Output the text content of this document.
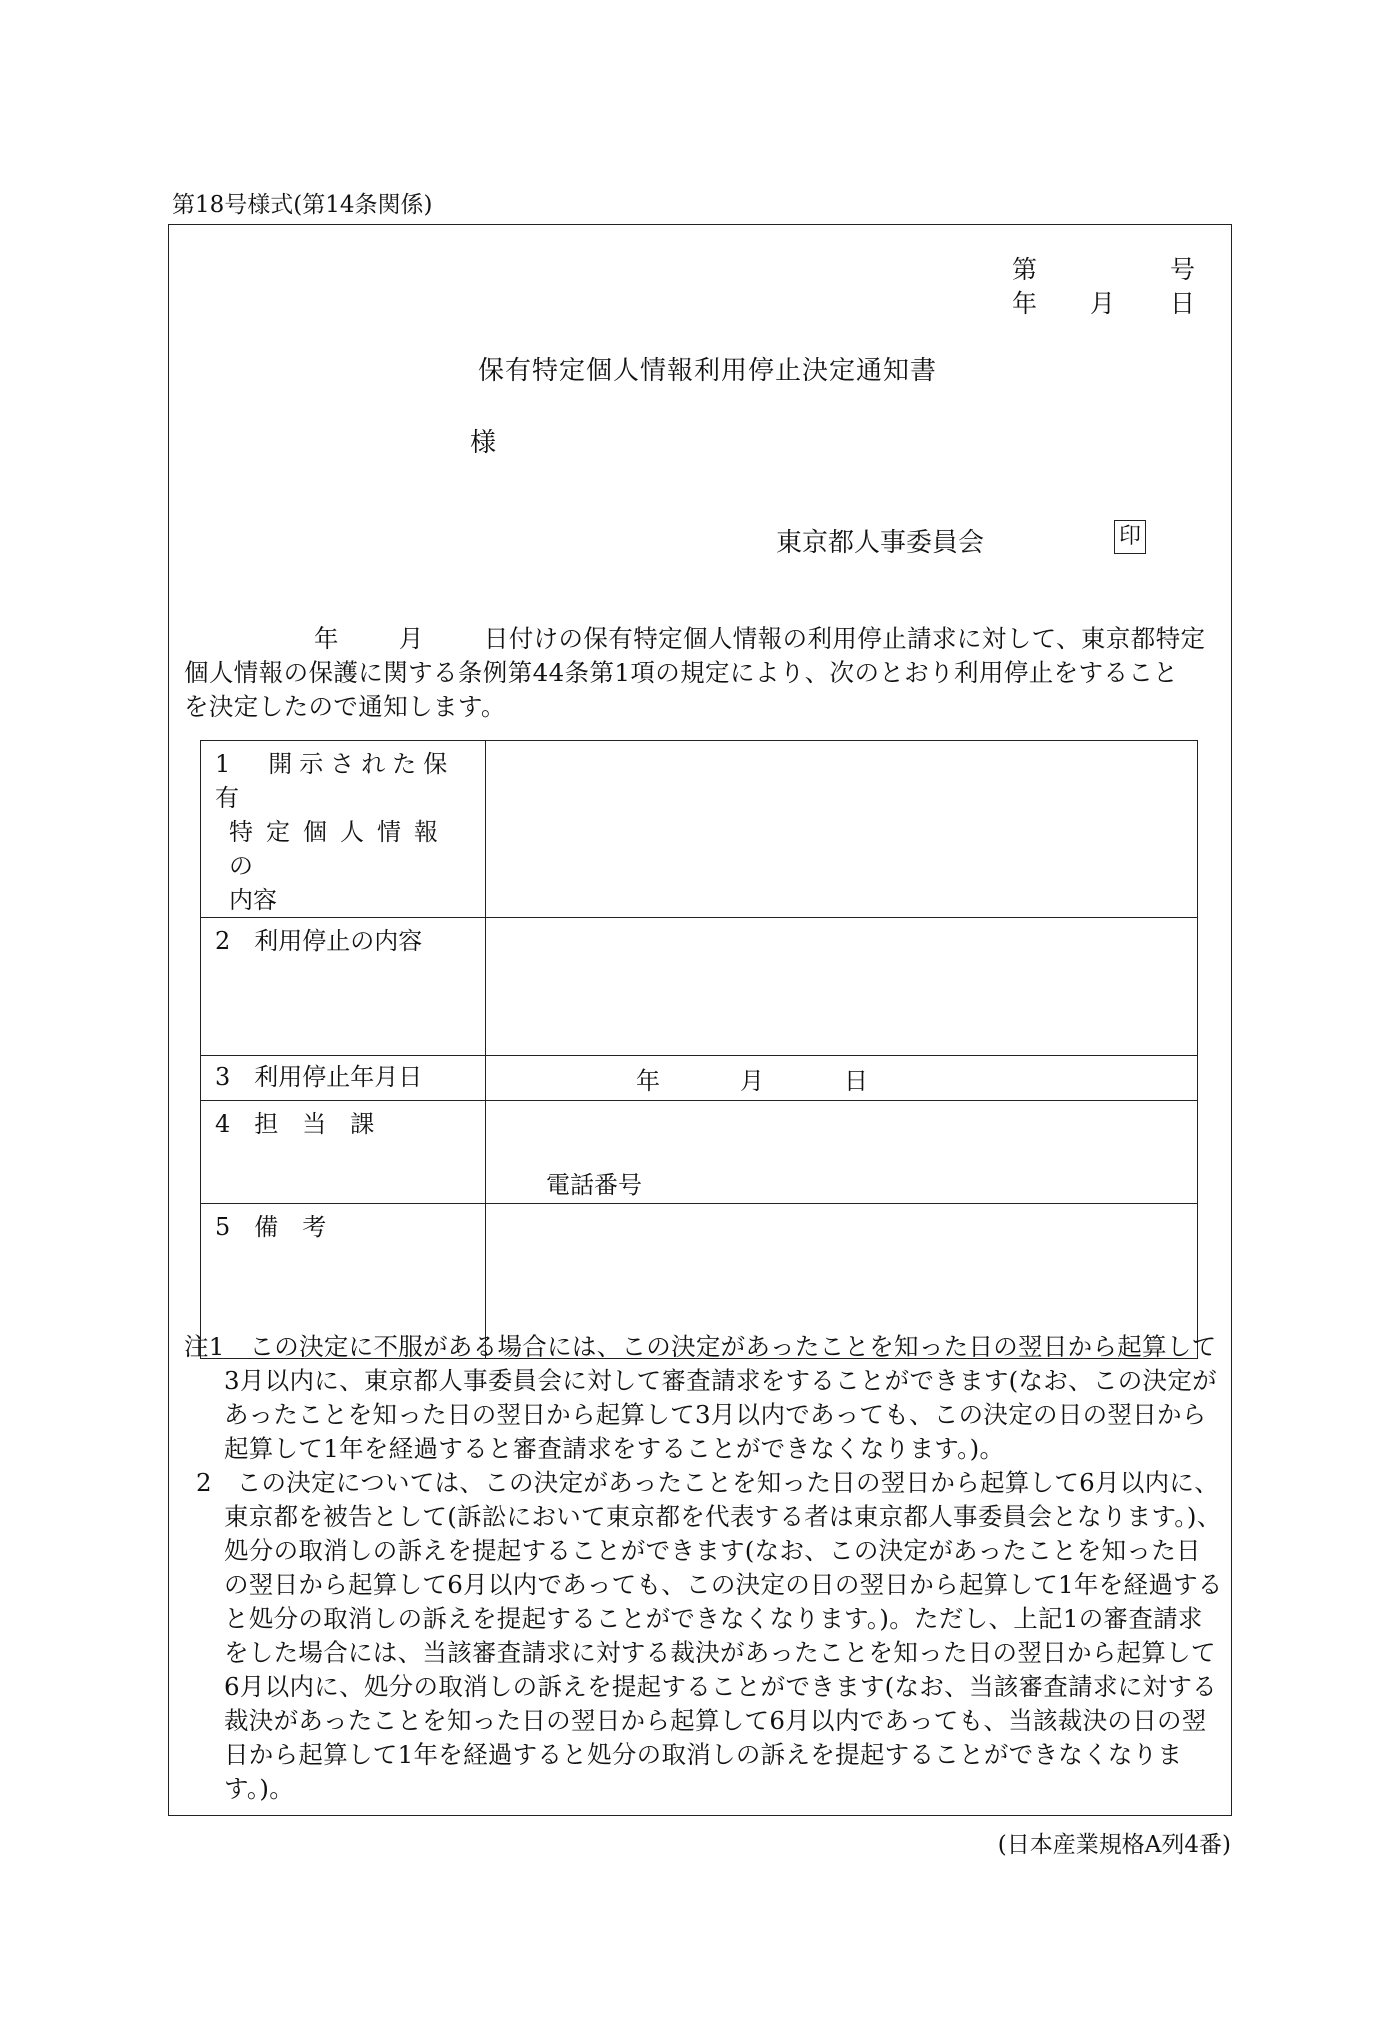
第18号様式(第14条関係)
第	号
年 月 日
保有特定個人情報利用停止決定通知書
様
東京都人事委員会	印
年 月 日付けの保有特定個人情報の利用停止請求に対して、東京都特定
個人情報の保護に関する条例第44条第1項の規定により、次のとおり利用停止をすること
を決定したので通知します。
1　開示された保有
特定個人情報の
内容	

2　利用停止の内容	
3　利用停止年月日	年 月 日

4　担　当　課	電話番号

5　備　考	
注1　この決定に不服がある場合には、この決定があったことを知った日の翌日から起算して3月以内に、東京都人事委員会に対して審査請求をすることができます(なお、この決定があったことを知った日の翌日から起算して3月以内であっても、この決定の日の翌日から起算して1年を経過すると審査請求をすることができなくなります。)。
2　この決定については、この決定があったことを知った日の翌日から起算して6月以内に、東京都を被告として(訴訟において東京都を代表する者は東京都人事委員会となります。)、処分の取消しの訴えを提起することができます(なお、この決定があったことを知った日の翌日から起算して6月以内であっても、この決定の日の翌日から起算して1年を経過すると処分の取消しの訴えを提起することができなくなります。)。ただし、上記1の審査請求をした場合には、当該審査請求に対する裁決があったことを知った日の翌日から起算して6月以内に、処分の取消しの訴えを提起することができます(なお、当該審査請求に対する裁決があったことを知った日の翌日から起算して6月以内であっても、当該裁決の日の翌日から起算して1年を経過すると処分の取消しの訴えを提起することができなくなります。)。
(日本産業規格A列4番)
